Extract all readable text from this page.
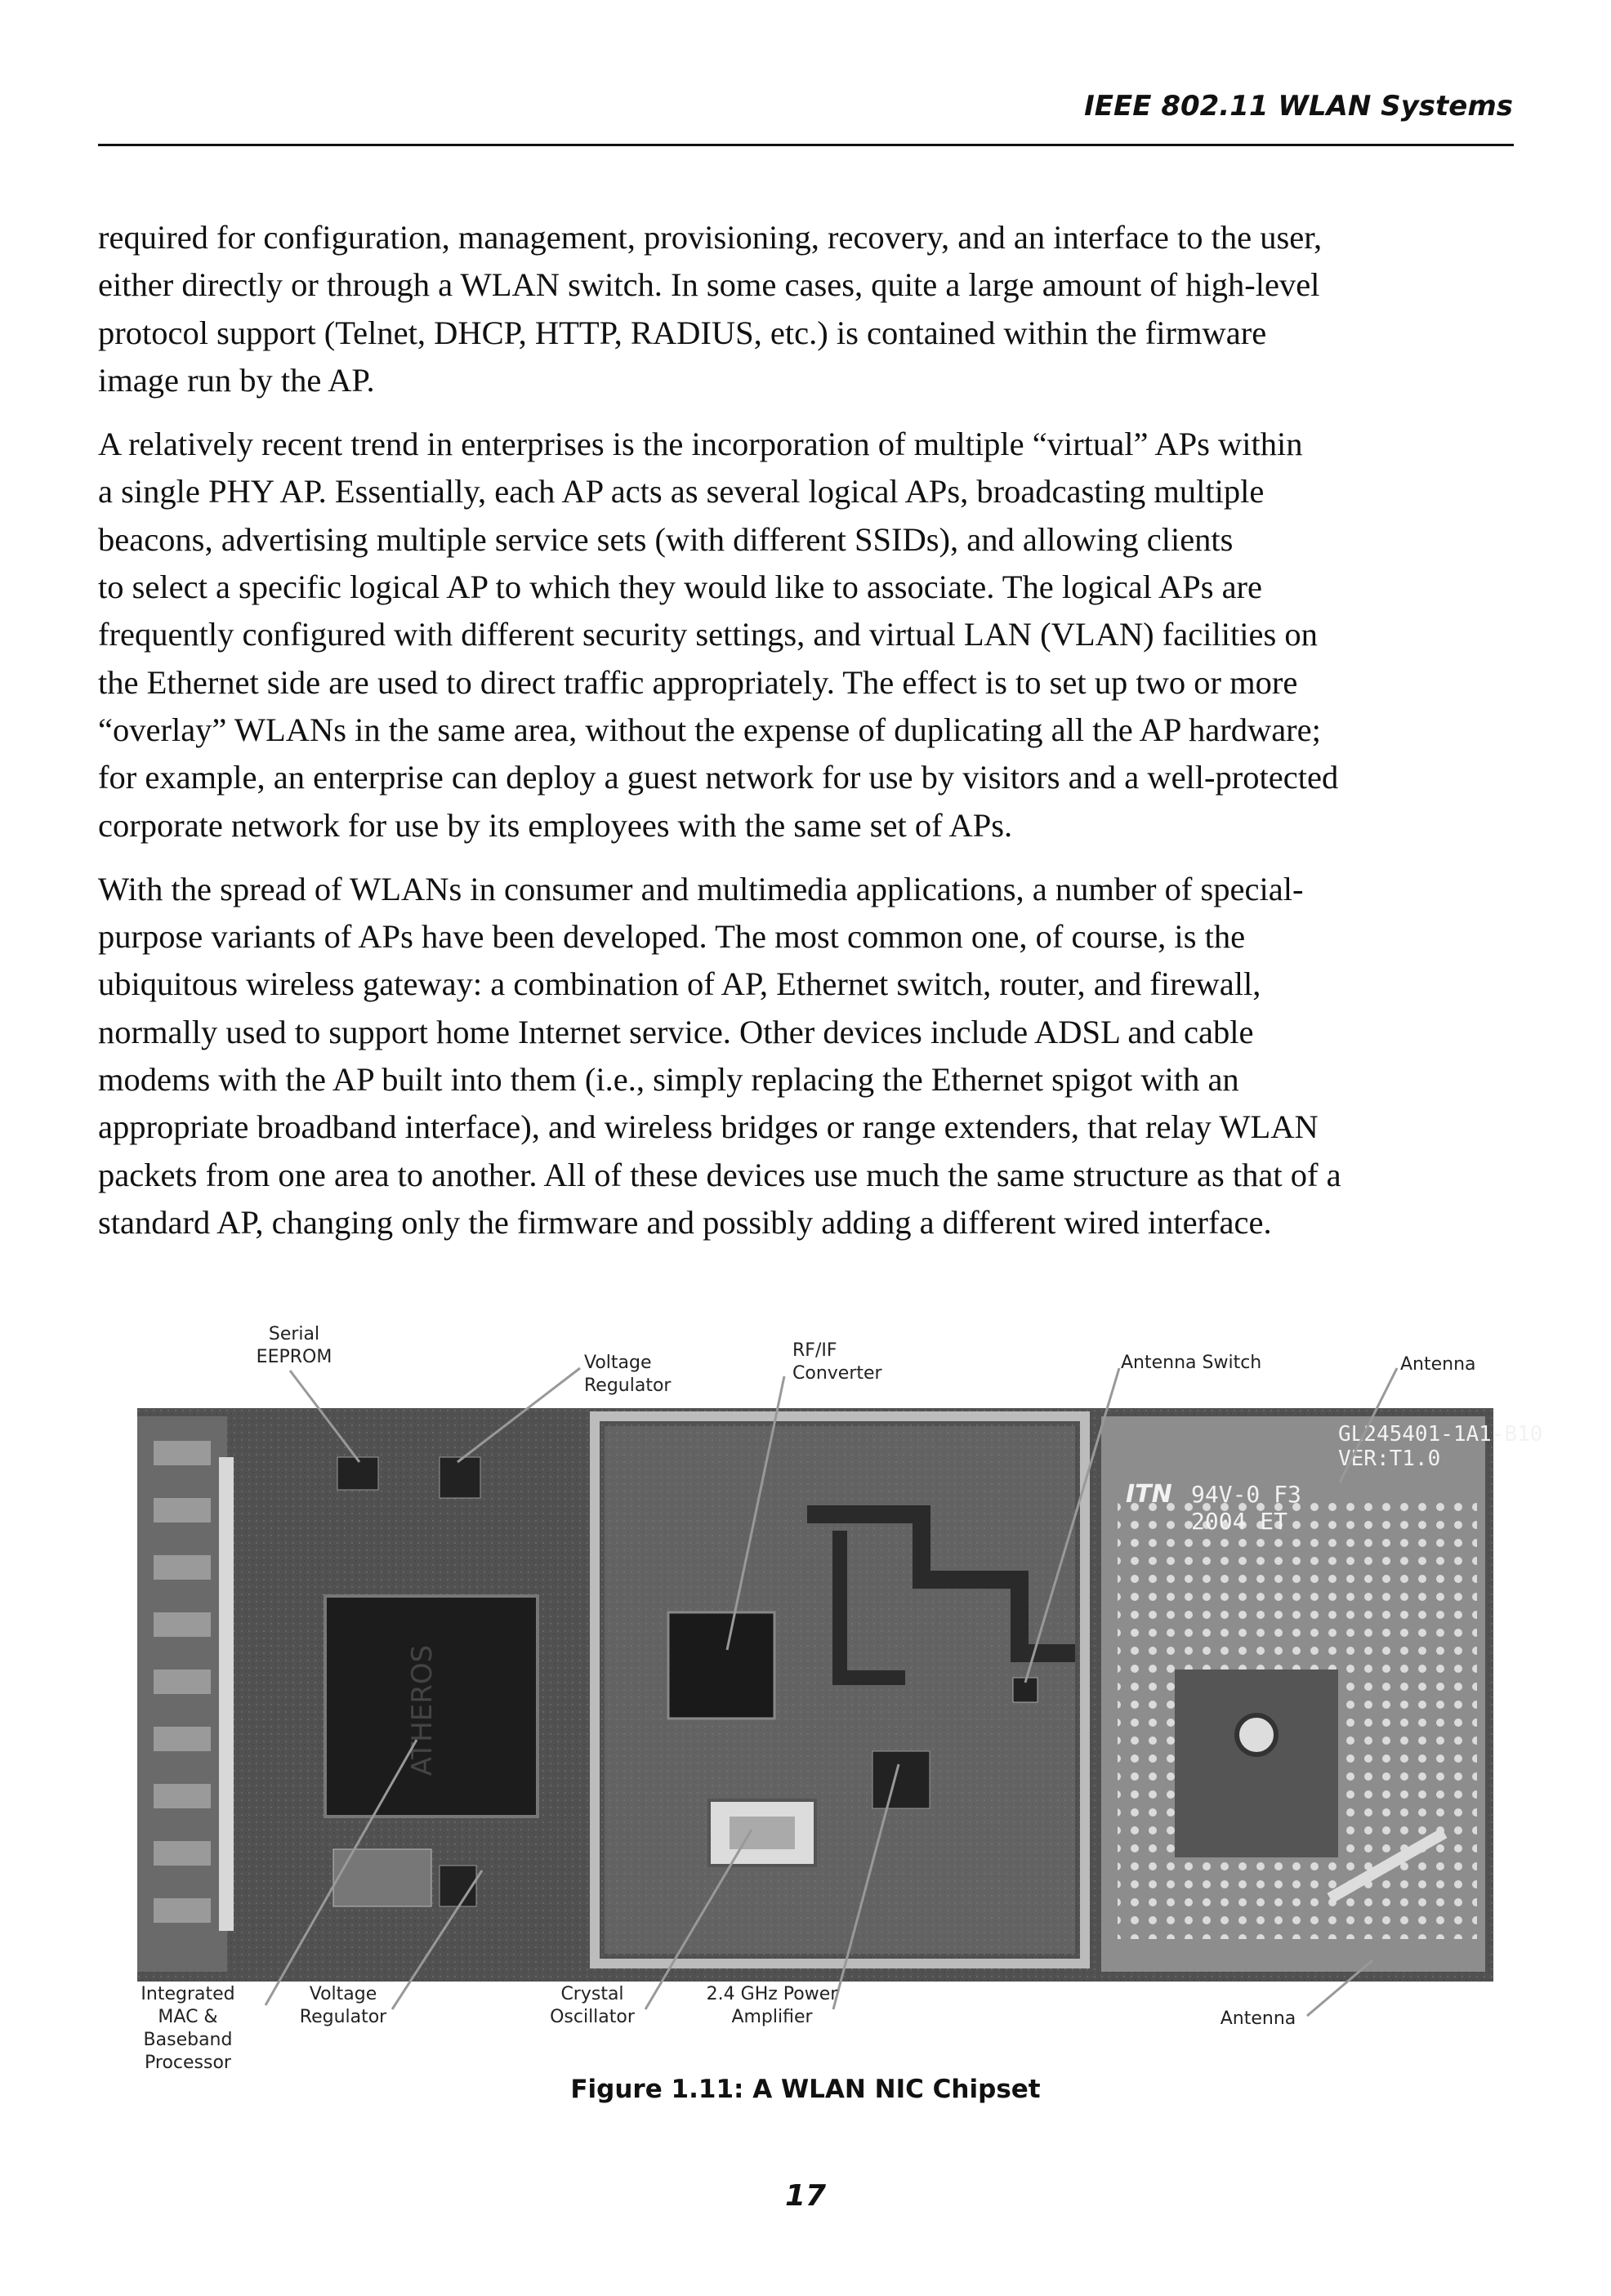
IEEE 802.11 WLAN Systems

required for configuration, management, provisioning, recovery, and an interface to the user,
either directly or through a WLAN switch. In some cases, quite a large amount of high-level
protocol support (Telnet, DHCP, HTTP, RADIUS, etc.) is contained within the firmware
image run by the AP.

A relatively recent trend in enterprises is the incorporation of multiple “virtual” APs within
a single PHY AP. Essentially, each AP acts as several logical APs, broadcasting multiple
beacons, advertising multiple service sets (with different SSIDs), and allowing clients
to select a specific logical AP to which they would like to associate. The logical APs are
frequently configured with different security settings, and virtual LAN (VLAN) facilities on
the Ethernet side are used to direct traffic appropriately. The effect is to set up two or more
“overlay” WLANs in the same area, without the expense of duplicating all the AP hardware;
for example, an enterprise can deploy a guest network for use by visitors and a well-protected
corporate network for use by its employees with the same set of APs.

With the spread of WLANs in consumer and multimedia applications, a number of special-
purpose variants of APs have been developed. The most common one, of course, is the
ubiquitous wireless gateway: a combination of AP, Ethernet switch, router, and firewall,
normally used to support home Internet service. Other devices include ADSL and cable
modems with the AP built into them (i.e., simply replacing the Ethernet spigot with an
appropriate broadband interface), and wireless bridges or range extenders, that relay WLAN
packets from one area to another. All of these devices use much the same structure as that of a
standard AP, changing only the firmware and possibly adding a different wired interface.

Serial
EEPROM	Voltage
Regulator
RF/IF
Converter
Antenna Switch	Antenna
ATHEROS
GL245401-1A1-B10
VER:T1.0
ITN 94V-0 F3
2004 ET
Integrated
MAC & Baseband
Processor
Voltage
Regulator
Crystal
Oscillator
2.4 GHz Power
Amplifier	Antenna
Figure 1.11: A WLAN NIC Chipset
17
